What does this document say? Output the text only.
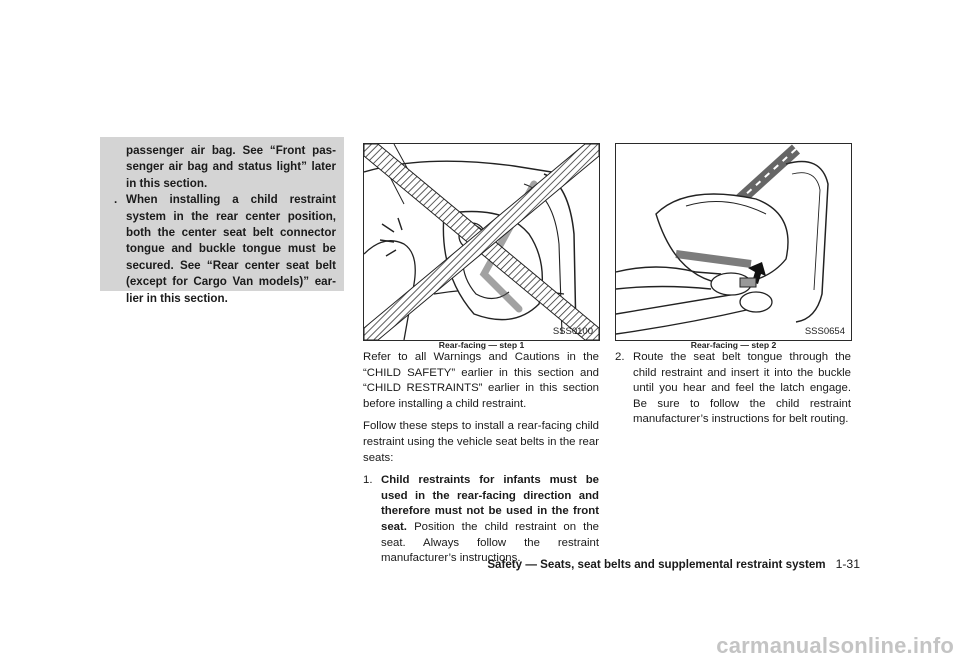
passenger air bag. See “Front passenger air bag and status light” later in this section.

. When installing a child restraint system in the rear center position, both the center seat belt connector tongue and buckle tongue must be secured. See “Rear center seat belt (except for Cargo Van models)” earlier in this section.
SSS0100
Rear-facing — step 1
SSS0654
Rear-facing — step 2

Refer to all Warnings and Cautions in the “CHILD SAFETY” earlier in this section and “CHILD RESTRAINTS” earlier in this section before installing a child restraint.

Follow these steps to install a rear-facing child restraint using the vehicle seat belts in the rear seats:

1. Child restraints for infants must be used in the rear-facing direction and therefore must not be used in the front seat. Position the child restraint on the seat. Always follow the restraint manufacturer’s instructions.
2. Route the seat belt tongue through the child restraint and insert it into the buckle until you hear and feel the latch engage. Be sure to follow the child restraint manufacturer’s instructions for belt routing.
Safety — Seats, seat belts and supplemental restraint system 1-31
carmanualsonline.info
